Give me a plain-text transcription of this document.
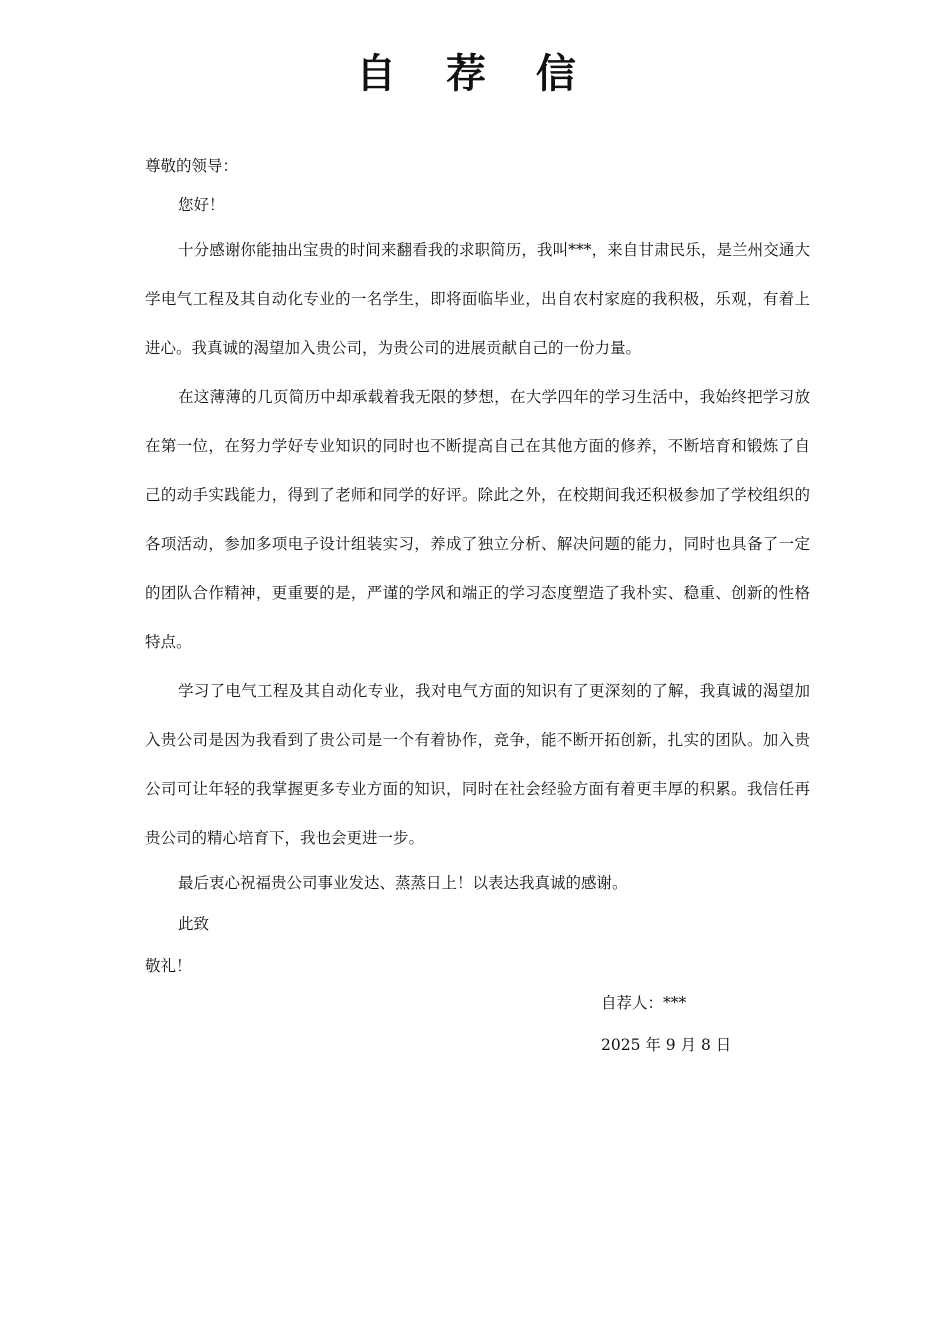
自 荐 信

尊敬的领导：

您好！

十分感谢你能抽出宝贵的时间来翻看我的求职简历，我叫***，来自甘肃民乐，是兰州交通大学电气工程及其自动化专业的一名学生，即将面临毕业，出自农村家庭的我积极，乐观，有着上进心。我真诚的渴望加入贵公司，为贵公司的进展贡献自己的一份力量。

在这薄薄的几页简历中却承载着我无限的梦想，在大学四年的学习生活中，我始终把学习放在第一位，在努力学好专业知识的同时也不断提高自己在其他方面的修养，不断培育和锻炼了自己的动手实践能力，得到了老师和同学的好评。除此之外，在校期间我还积极参加了学校组织的各项活动，参加多项电子设计组装实习，养成了独立分析、解决问题的能力，同时也具备了一定的团队合作精神，更重要的是，严谨的学风和端正的学习态度塑造了我朴实、稳重、创新的性格特点。

学习了电气工程及其自动化专业，我对电气方面的知识有了更深刻的了解，我真诚的渴望加入贵公司是因为我看到了贵公司是一个有着协作，竞争，能不断开拓创新，扎实的团队。加入贵公司可让年轻的我掌握更多专业方面的知识，同时在社会经验方面有着更丰厚的积累。我信任再贵公司的精心培育下，我也会更进一步。

最后衷心祝福贵公司事业发达、蒸蒸日上！以表达我真诚的感谢。

此致

敬礼！

自荐人：***
2025 年 9 月 8 日
